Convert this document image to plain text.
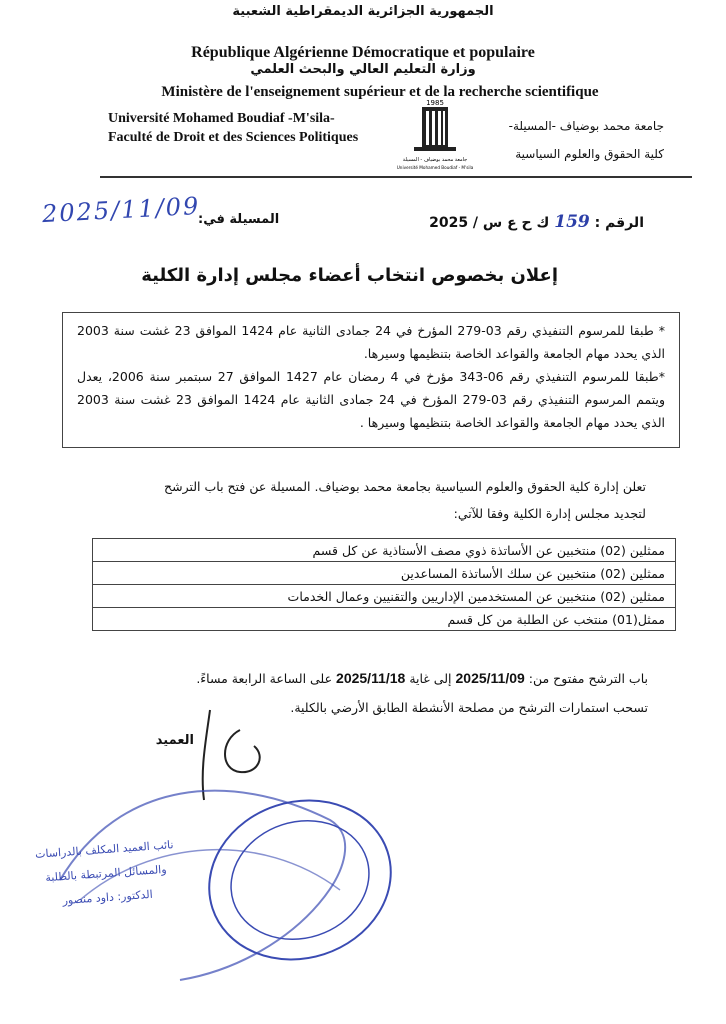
الجمهورية الجزائرية الديمقراطية الشعبية
République Algérienne Démocratique et populaire
وزارة التعليم العالي والبحث العلمي
Ministère de l'enseignement supérieur et de la recherche scientifique
Université Mohamed Boudiaf -M'sila-
Faculté de Droit et des Sciences Politiques
جامعة محمد بوضياف -المسيلة-
كلية الحقوق والعلوم السياسية
1985
جامعة محمد بوضياف - المسيلة
Université Mohamed Boudiaf - M'sila
الرقم : 159 ك ح ع س / 2025
المسيلة في:
2025/11/09
إعلان بخصوص انتخاب أعضاء مجلس إدارة الكلية
* طبقا للمرسوم التنفيذي رقم 03-279 المؤرخ في 24 جمادى الثانية عام 1424 الموافق 23 غشت سنة 2003 الذي يحدد مهام الجامعة والقواعد الخاصة بتنظيمها وسيرها.
*طبقا للمرسوم التنفيذي رقم 06-343 مؤرخ في 4 رمضان عام 1427 الموافق 27 سبتمبر سنة 2006، يعدل ويتمم المرسوم التنفيذي رقم 03-279 المؤرخ في 24 جمادى الثانية عام 1424 الموافق 23 غشت سنة 2003 الذي يحدد مهام الجامعة والقواعد الخاصة بتنظيمها وسيرها .
تعلن إدارة كلية الحقوق والعلوم السياسية بجامعة محمد بوضياف. المسيلة عن فتح باب الترشح
لتجديد مجلس إدارة الكلية وفقا للآتي:
ممثلين (02) منتخبين عن الأساتذة ذوي مصف الأستاذية عن كل قسم
ممثلين (02) منتخبين عن سلك الأساتذة المساعدين
ممثلين (02) منتخبين عن المستخدمين الإداريين والتقنيين وعمال الخدمات
ممثل(01) منتخب عن الطلبة من كل قسم
باب الترشح مفتوح من: 2025/11/09 إلى غاية 2025/11/18 على الساعة الرابعة مساءً.
تسحب استمارات الترشح من مصلحة الأنشطة الطابق الأرضي بالكلية.
العميد
نائب العميد المكلف بالدراسات
والمسائل المرتبطة بالطلبة
الدكتور: داود منصور
